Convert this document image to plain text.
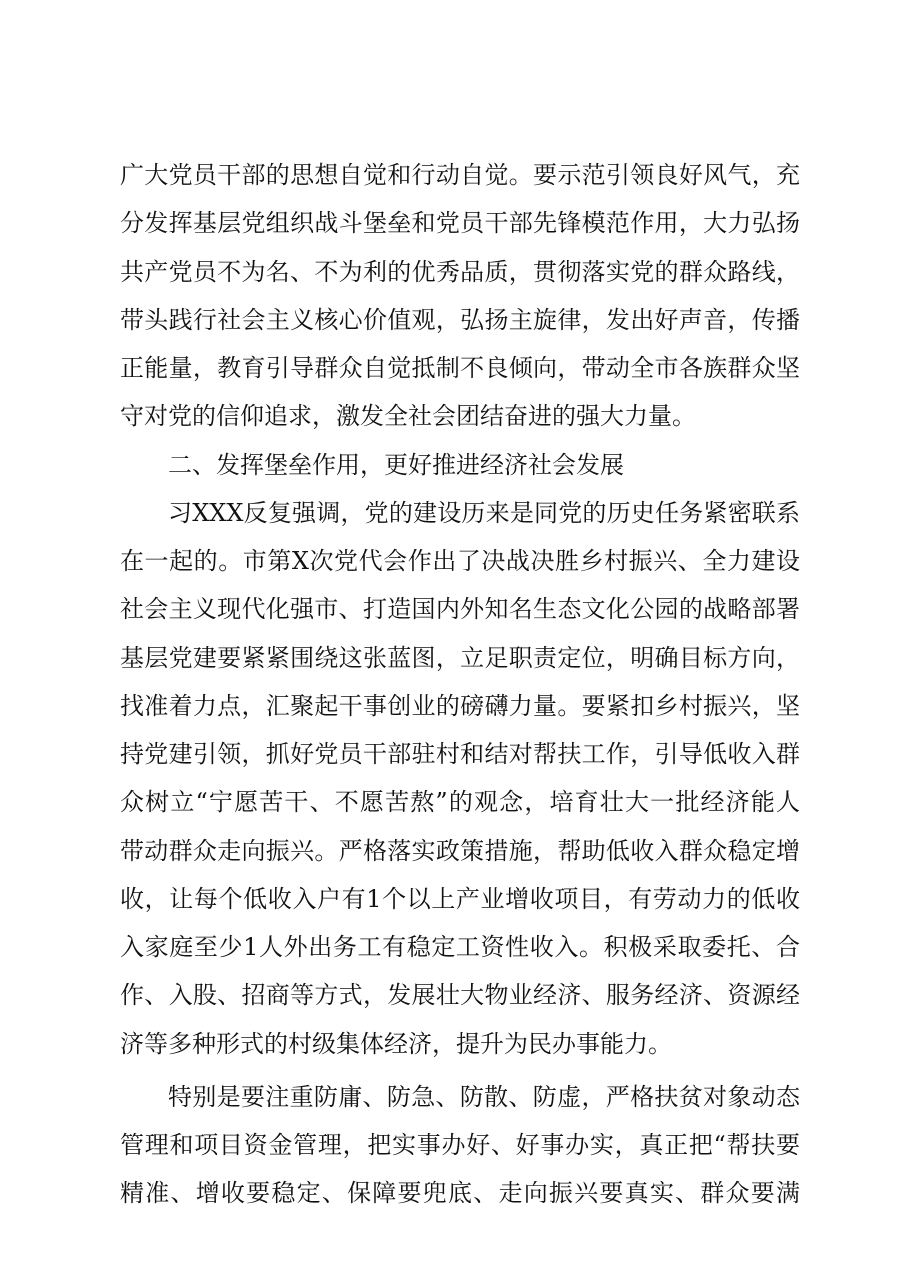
广大党员干部的思想自觉和行动自觉。要示范引领良好风气，充
分发挥基层党组织战斗堡垒和党员干部先锋模范作用，大力弘扬
共产党员不为名、不为利的优秀品质，贯彻落实党的群众路线，
带头践行社会主义核心价值观，弘扬主旋律，发出好声音，传播
正能量，教育引导群众自觉抵制不良倾向，带动全市各族群众坚
守对党的信仰追求，激发全社会团结奋进的强大力量。
二、发挥堡垒作用，更好推进经济社会发展
习XXX反复强调，党的建设历来是同党的历史任务紧密联系
在一起的。市第X次党代会作出了决战决胜乡村振兴、全力建设
社会主义现代化强市、打造国内外知名生态文化公园的战略部署
基层党建要紧紧围绕这张蓝图，立足职责定位，明确目标方向，
找准着力点，汇聚起干事创业的磅礴力量。要紧扣乡村振兴，坚
持党建引领，抓好党员干部驻村和结对帮扶工作，引导低收入群
众树立“宁愿苦干、不愿苦熬”的观念，培育壮大一批经济能人
带动群众走向振兴。严格落实政策措施，帮助低收入群众稳定增
收，让每个低收入户有1个以上产业增收项目，有劳动力的低收
入家庭至少1人外出务工有稳定工资性收入。积极采取委托、合
作、入股、招商等方式，发展壮大物业经济、服务经济、资源经
济等多种形式的村级集体经济，提升为民办事能力。
特别是要注重防庸、防急、防散、防虚，严格扶贫对象动态
管理和项目资金管理，把实事办好、好事办实，真正把“帮扶要
精准、增收要稳定、保障要兜底、走向振兴要真实、群众要满
